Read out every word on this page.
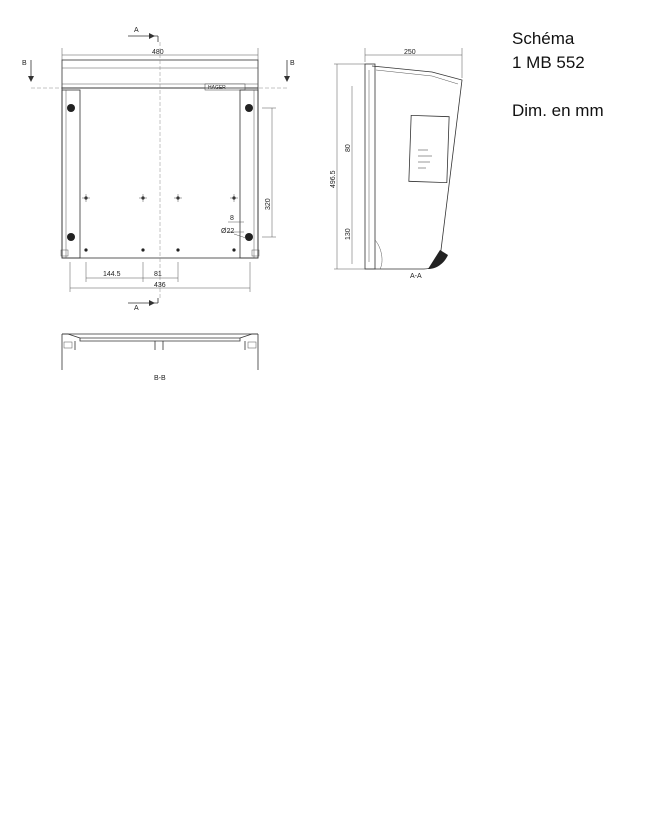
Schéma
1 MB 552
Dim. en mm
480
A
B	B
HAGER
320
8
Ø22
144.5	81
436
A
250
496.5
80
130
A-A
B-B
